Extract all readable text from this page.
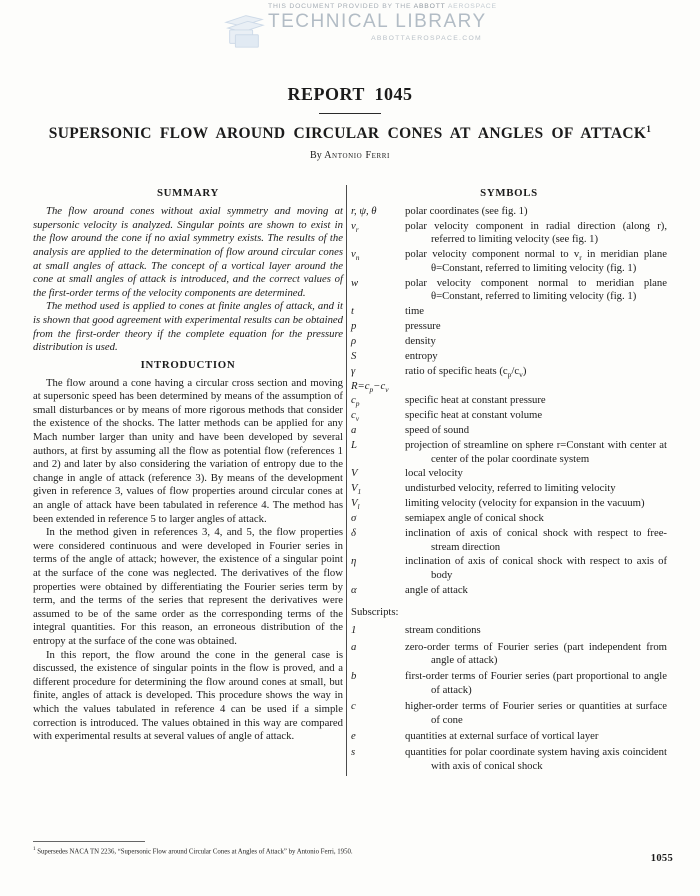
THIS DOCUMENT PROVIDED BY THE ABBOTT AEROSPACE
TECHNICAL LIBRARY
ABBOTTAEROSPACE.COM
REPORT 1045
SUPERSONIC FLOW AROUND CIRCULAR CONES AT ANGLES OF ATTACK$^1$
By Antonio Ferri
SUMMARY

The flow around cones without axial symmetry and moving at supersonic velocity is analyzed. Singular points are shown to exist in the flow around the cone if no axial symmetry exists. The results of the analysis are applied to the determination of flow around circular cones at small angles of attack. The concept of a vortical layer around the cone at small angles of attack is introduced, and the correct values of the first-order terms of the velocity components are determined.

The method used is applied to cones at finite angles of attack, and it is shown that good agreement with experimental results can be obtained from the first-order theory if the complete equation for the pressure distribution is used.

INTRODUCTION

The flow around a cone having a circular cross section and moving at supersonic speed has been determined by means of the assumption of small disturbances or by means of more rigorous methods that consider the existence of the shocks. The latter methods can be applied for any Mach number larger than unity and have been developed by several authors, at first by assuming all the flow as potential flow (references 1 and 2) and later by also considering the variation of entropy due to the change in angle of attack (reference 3). By means of the development given in reference 3, values of flow properties around circular cones at an angle of attack have been tabulated in reference 4. The method has been extended in reference 5 to larger angles of attack.

In the method given in references 3, 4, and 5, the flow properties were considered continuous and were developed in Fourier series in terms of the angle of attack; however, the existence of a singular point at the surface of the cone was neglected. The derivatives of the flow properties were obtained by differentiating the Fourier series term by term, and the terms of the series that represent the derivatives were assumed to be of the same order as the corresponding terms of the integral quantities. For this reason, an erroneous distribution of the entropy at the surface of the cone was obtained.

In this report, the flow around the cone in the general case is discussed, the existence of singular points in the flow is proved, and a different procedure for determining the flow around cones at small, but finite, angles of attack is developed. This procedure shows the way in which the values tabulated in reference 4 can be used if a simple correction is introduced. The values obtained in this way are compared with experimental results at several values of angle of attack.

SYMBOLS
r, ψ, θ	polar coordinates (see fig. 1)
$v_r$	polar velocity component in radial direction (along r), referred to limiting velocity (see fig. 1)
$v_n$	polar velocity component normal to $v_r$ in meridian plane θ=Constant, referred to limiting velocity (fig. 1)
w	polar velocity component normal to meridian plane θ=Constant, referred to limiting velocity (fig. 1)
t	time
p	pressure
ρ	density
S	entropy
γ	ratio of specific heats $(c_p/c_v)$
$R=c_p-c_v$
$c_p$	specific heat at constant pressure
$c_v$	specific heat at constant volume
a	speed of sound
L	projection of streamline on sphere r=Constant with center at center of the polar coordinate system
V	local velocity
$V_1$	undisturbed velocity, referred to limiting velocity
$V_l$	limiting velocity (velocity for expansion in the vacuum)
σ	semiapex angle of conical shock
δ	inclination of axis of conical shock with respect to free-stream direction
η	inclination of axis of conical shock with respect to axis of body
α	angle of attack
Subscripts:
1	stream conditions
a	zero-order terms of Fourier series (part independent from angle of attack)
b	first-order terms of Fourier series (part proportional to angle of attack)
c	higher-order terms of Fourier series or quantities at surface of cone
e	quantities at external surface of vortical layer
s	quantities for polar coordinate system having axis coincident with axis of conical shock
$^1$ Supersedes NACA TN 2236, “Supersonic Flow around Circular Cones at Angles of Attack” by Antonio Ferri, 1950.
1055
